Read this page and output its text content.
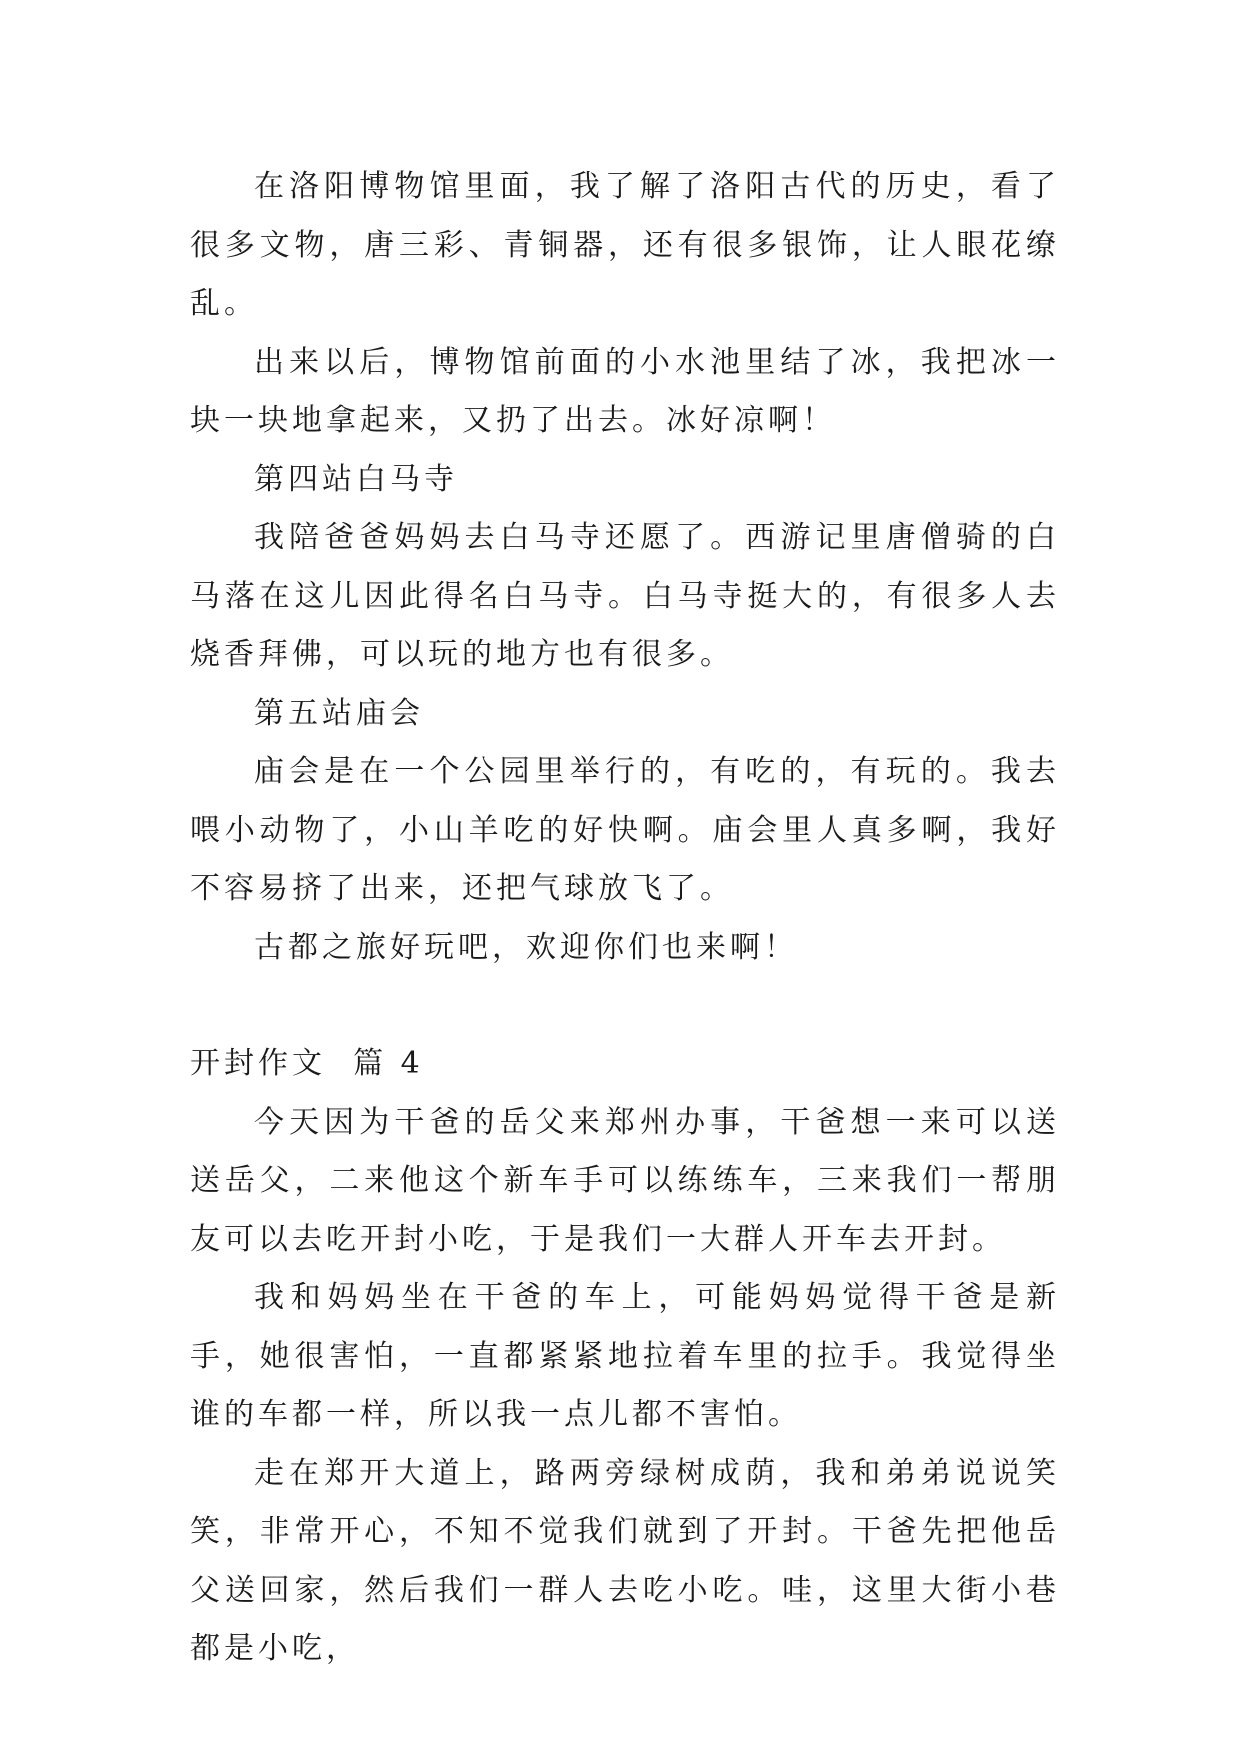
在洛阳博物馆里面，我了解了洛阳古代的历史，看了很多文物，唐三彩、青铜器，还有很多银饰，让人眼花缭乱。

出来以后，博物馆前面的小水池里结了冰，我把冰一块一块地拿起来，又扔了出去。冰好凉啊！

第四站白马寺

我陪爸爸妈妈去白马寺还愿了。西游记里唐僧骑的白马落在这儿因此得名白马寺。白马寺挺大的，有很多人去烧香拜佛，可以玩的地方也有很多。

第五站庙会

庙会是在一个公园里举行的，有吃的，有玩的。我去喂小动物了，小山羊吃的好快啊。庙会里人真多啊，我好不容易挤了出来，还把气球放飞了。

古都之旅好玩吧，欢迎你们也来啊！

开封作文  篇 4

今天因为干爸的岳父来郑州办事，干爸想一来可以送送岳父，二来他这个新车手可以练练车，三来我们一帮朋友可以去吃开封小吃，于是我们一大群人开车去开封。

我和妈妈坐在干爸的车上，可能妈妈觉得干爸是新手，她很害怕，一直都紧紧地拉着车里的拉手。我觉得坐谁的车都一样，所以我一点儿都不害怕。

走在郑开大道上，路两旁绿树成荫，我和弟弟说说笑笑，非常开心，不知不觉我们就到了开封。干爸先把他岳父送回家，然后我们一群人去吃小吃。哇，这里大街小巷都是小吃，
